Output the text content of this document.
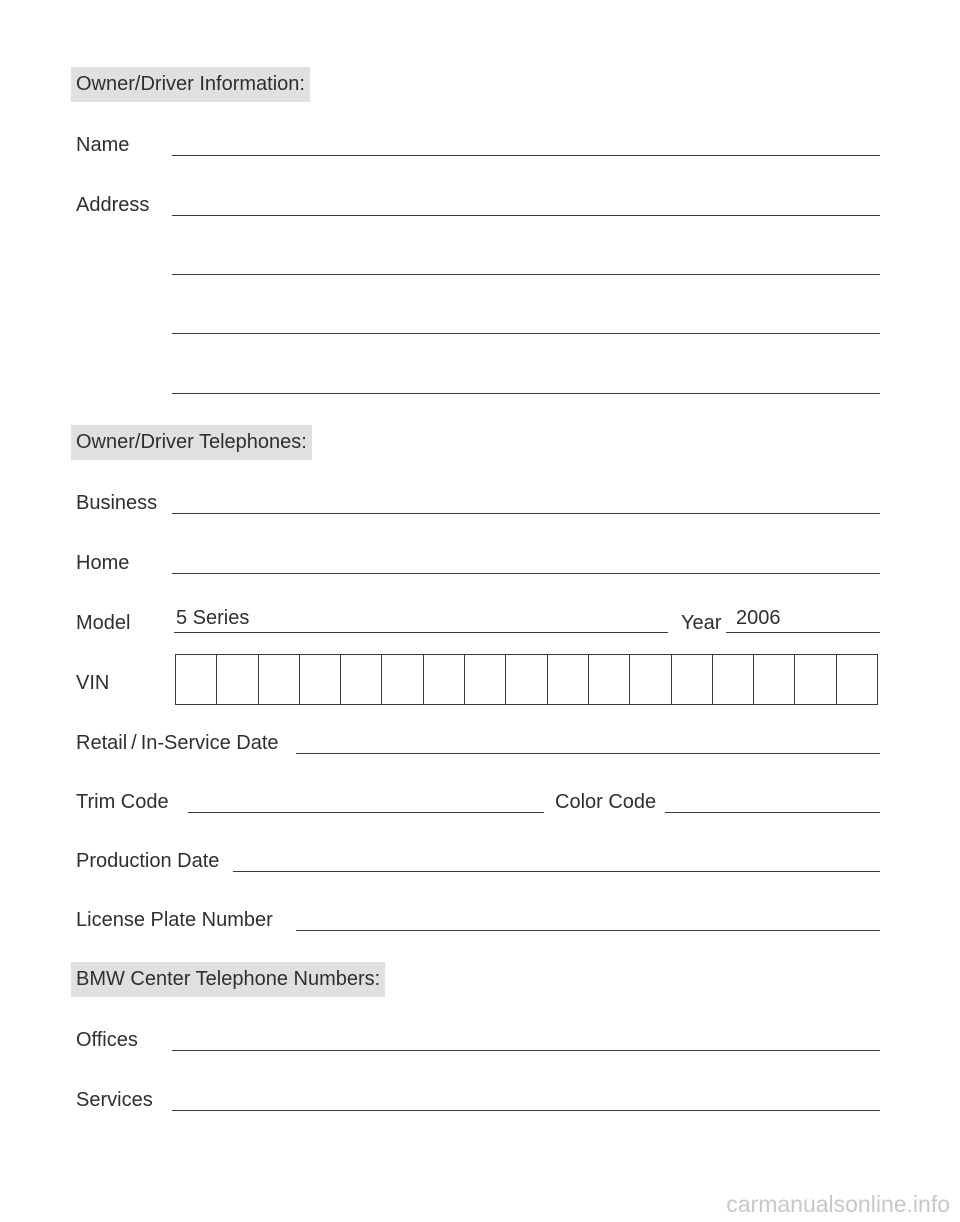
Owner/Driver Information:
Name
Address
Owner/Driver Telephones:
Business
Home
Model
5 Series	Year
2006
VIN
Retail / In-Service Date
Trim Code	Color Code
Production Date
License Plate Number
BMW Center Telephone Numbers:
Offices
Services
carmanualsonline.info
